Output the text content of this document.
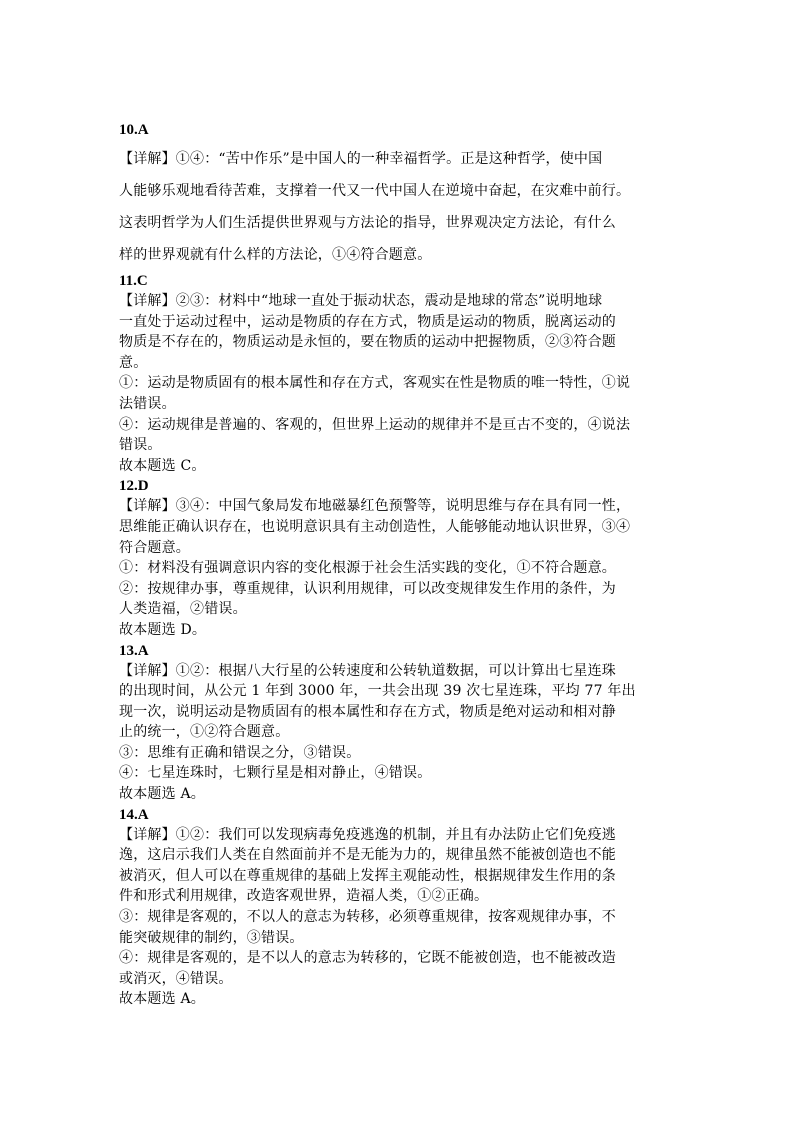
10.A
【详解】①④：“苦中作乐”是中国人的一种幸福哲学。正是这种哲学，使中国
人能够乐观地看待苦难，支撑着一代又一代中国人在逆境中奋起，在灾难中前行。
这表明哲学为人们生活提供世界观与方法论的指导，世界观决定方法论，有什么
样的世界观就有什么样的方法论，①④符合题意。
11.C
【详解】②③：材料中“地球一直处于振动状态，震动是地球的常态”说明地球
一直处于运动过程中，运动是物质的存在方式，物质是运动的物质，脱离运动的
物质是不存在的，物质运动是永恒的，要在物质的运动中把握物质，②③符合题
意。
①：运动是物质固有的根本属性和存在方式，客观实在性是物质的唯一特性，①说
法错误。
④：运动规律是普遍的、客观的，但世界上运动的规律并不是亘古不变的，④说法
错误。
故本题选 C。
12.D
【详解】③④：中国气象局发布地磁暴红色预警等，说明思维与存在具有同一性，
思维能正确认识存在，也说明意识具有主动创造性，人能够能动地认识世界，③④
符合题意。
①：材料没有强调意识内容的变化根源于社会生活实践的变化，①不符合题意。
②：按规律办事，尊重规律，认识利用规律，可以改变规律发生作用的条件，为
人类造福，②错误。
故本题选 D。
13.A
【详解】①②：根据八大行星的公转速度和公转轨道数据，可以计算出七星连珠
的出现时间，从公元 1 年到 3000 年，一共会出现 39 次七星连珠，平均 77 年出
现一次，说明运动是物质固有的根本属性和存在方式，物质是绝对运动和相对静
止的统一，①②符合题意。
③：思维有正确和错误之分，③错误。
④：七星连珠时，七颗行星是相对静止，④错误。
故本题选 A。
14.A
【详解】①②：我们可以发现病毒免疫逃逸的机制，并且有办法防止它们免疫逃
逸，这启示我们人类在自然面前并不是无能为力的，规律虽然不能被创造也不能
被消灭，但人可以在尊重规律的基础上发挥主观能动性，根据规律发生作用的条
件和形式利用规律，改造客观世界，造福人类，①②正确。
③：规律是客观的，不以人的意志为转移，必须尊重规律，按客观规律办事，不
能突破规律的制约，③错误。
④：规律是客观的，是不以人的意志为转移的，它既不能被创造，也不能被改造
或消灭，④错误。
故本题选 A。
